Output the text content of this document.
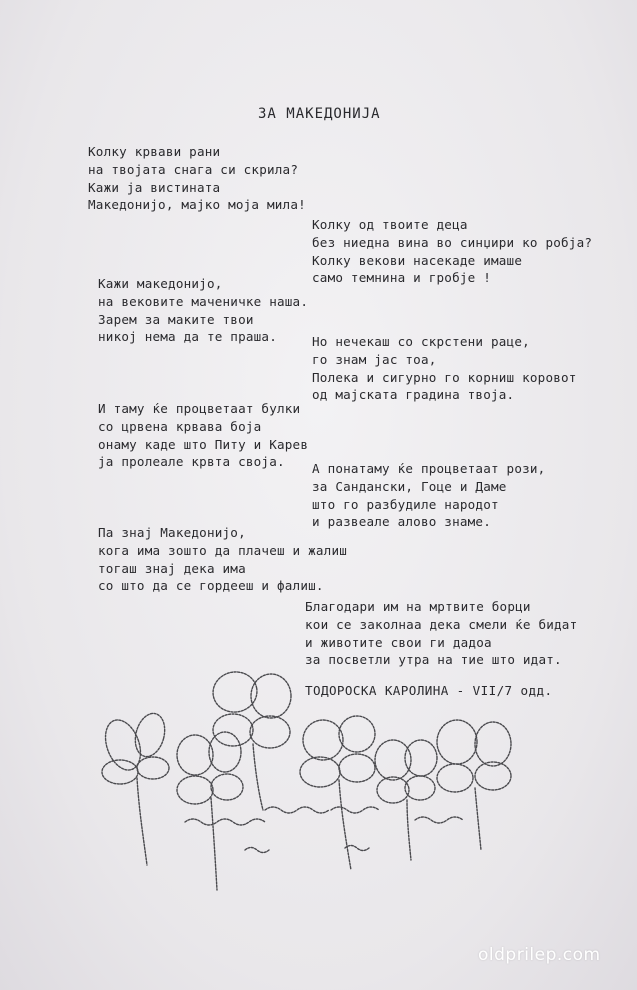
ЗА МАКЕДОНИЈА
Колку крвави рани
на твојата снага си скрила?
Кажи ја вистината
Македонијо, мајко моја мила!
Колку од твоите деца
без ниедна вина во синџири ко робја?
Колку векови насекаде имаше
само темнина и гробје !
Кажи македонијо,
на вековите маченичке наша.
Зарем за маките твои
никој нема да те праша.	Но нечекаш со скрстени раце,
го знам јас тоа,
Полека и сигурно го корниш коровот
од мајската градина твоја.
И таму ќе процветаат булки
со црвена крвава боја
онаму каде што Питу и Карев
ја пролеале крвта своја.	А понатаму ќе процветаат рози,
за Сандански, Гоце и Даме
што го разбудиле народот
и развеале алово знаме.
Па знај Македонијо,
кога има зошто да плачеш и жалиш
тогаш знај дека има
со што да се гордееш и фалиш.
Благодари им на мртвите борци
кои се заколнаа дека смели ќе бидат
и животите свои ги дадоа
за посветли утра на тие што идат.
ТОДОРОСКА КАРОЛИНА - VII/7 одд.
oldprilep.com
